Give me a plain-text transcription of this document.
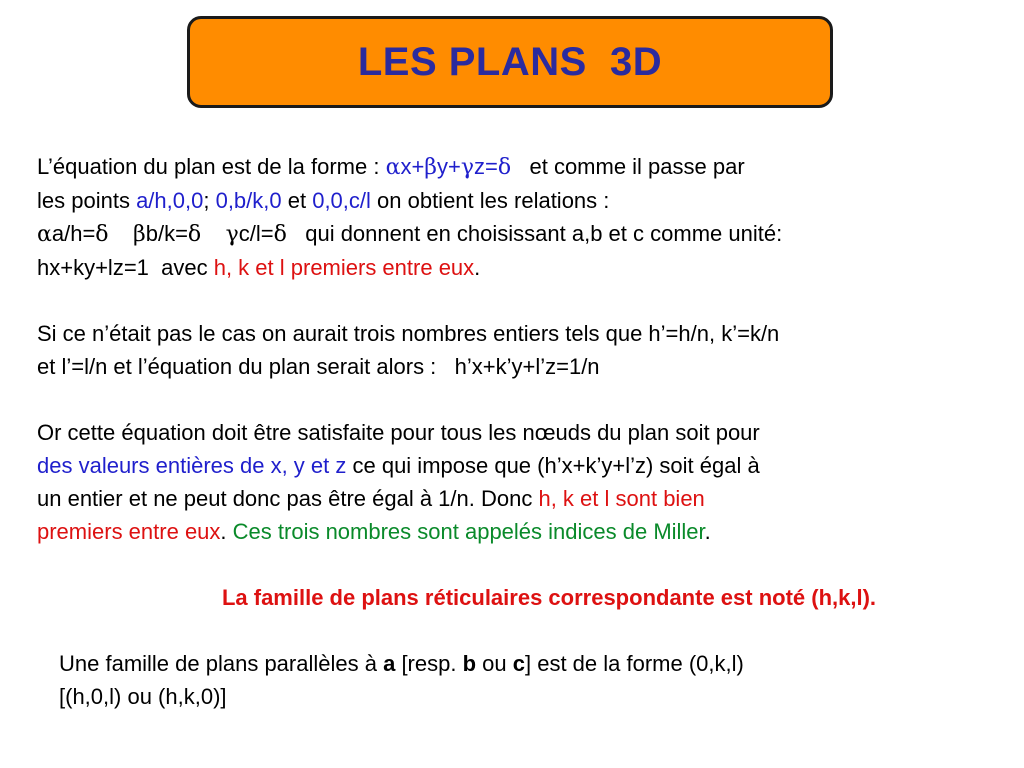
LES PLANS  3D

L’équation du plan est de la forme : αx+βy+γz=δ   et comme il passe par
les points a/h,0,0; 0,b/k,0 et 0,0,c/l on obtient les relations :
αa/h=δ βb/k=δ γc/l=δ   qui donnent en choisissant a,b et c comme unité:
hx+ky+lz=1  avec h, k et l premiers entre eux.

Si ce n’était pas le cas on aurait trois nombres entiers tels que h’=h/n, k’=k/n
et l’=l/n et l’équation du plan serait alors :   h’x+k’y+l’z=1/n

Or cette équation doit être satisfaite pour tous les nœuds du plan soit pour
des valeurs entières de x, y et z ce qui impose que (h’x+k’y+l’z) soit égal à
un entier et ne peut donc pas être égal à 1/n. Donc h, k et l sont bien
premiers entre eux. Ces trois nombres sont appelés indices de Miller.

La famille de plans réticulaires correspondante est noté (h,k,l).

Une famille de plans parallèles à a [resp. b ou c] est de la forme (0,k,l)
[(h,0,l) ou (h,k,0)]
